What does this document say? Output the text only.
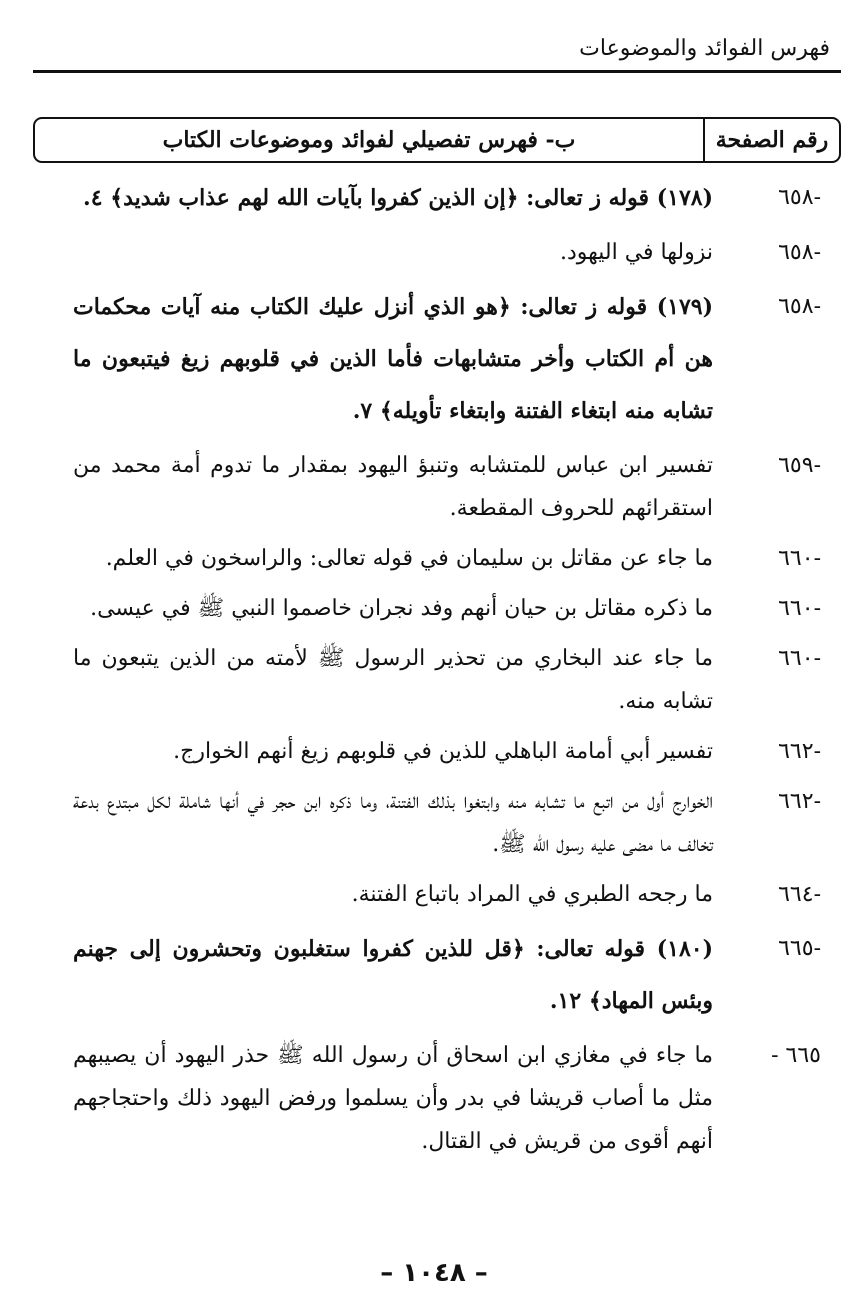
فهرس الفوائد والموضوعات
رقم الصفحة
ب- فهرس تفصيلي لفوائد وموضوعات الكتاب
-٦٥٨
(١٧٨) قوله ز تعالى: ﴿إن الذين كفروا بآيات الله لهم عذاب شديد﴾ ٤.
-٦٥٨
نزولها في اليهود.
-٦٥٨
(١٧٩) قوله ز تعالى: ﴿هو الذي أنزل عليك الكتاب منه آيات محكمات هن أم الكتاب وأخر متشابهات فأما الذين في قلوبهم زيغ فيتبعون ما تشابه منه ابتغاء الفتنة وابتغاء تأويله﴾ ٧.
-٦٥٩
تفسير ابن عباس للمتشابه وتنبؤ اليهود بمقدار ما تدوم أمة محمد من استقرائهم للحروف المقطعة.
-٦٦٠
ما جاء عن مقاتل بن سليمان في قوله تعالى: والراسخون في العلم.
-٦٦٠
ما ذكره مقاتل بن حيان أنهم وفد نجران خاصموا النبي ﷺ في عيسى.
-٦٦٠
ما جاء عند البخاري من تحذير الرسول ﷺ لأمته من الذين يتبعون ما تشابه منه.
-٦٦٢
تفسير أبي أمامة الباهلي للذين في قلوبهم زيغ أنهم الخوارج.
-٦٦٢
الخوارج أول من اتبع ما تشابه منه وابتغوا بذلك الفتنة، وما ذكره ابن حجر في أنها شاملة لكل مبتدع بدعة تخالف ما مضى عليه رسول الله ﷺ.
-٦٦٤
ما رجحه الطبري في المراد باتباع الفتنة.
-٦٦٥
(١٨٠) قوله تعالى: ﴿قل للذين كفروا ستغلبون وتحشرون إلى جهنم وبئس المهاد﴾ ١٢.
٦٦٥ -
ما جاء في مغازي ابن اسحاق أن رسول الله ﷺ حذر اليهود أن يصيبهم مثل ما أصاب قريشا في بدر وأن يسلموا ورفض اليهود ذلك واحتجاجهم أنهم أقوى من قريش في القتال.
– ١٠٤٨ –
